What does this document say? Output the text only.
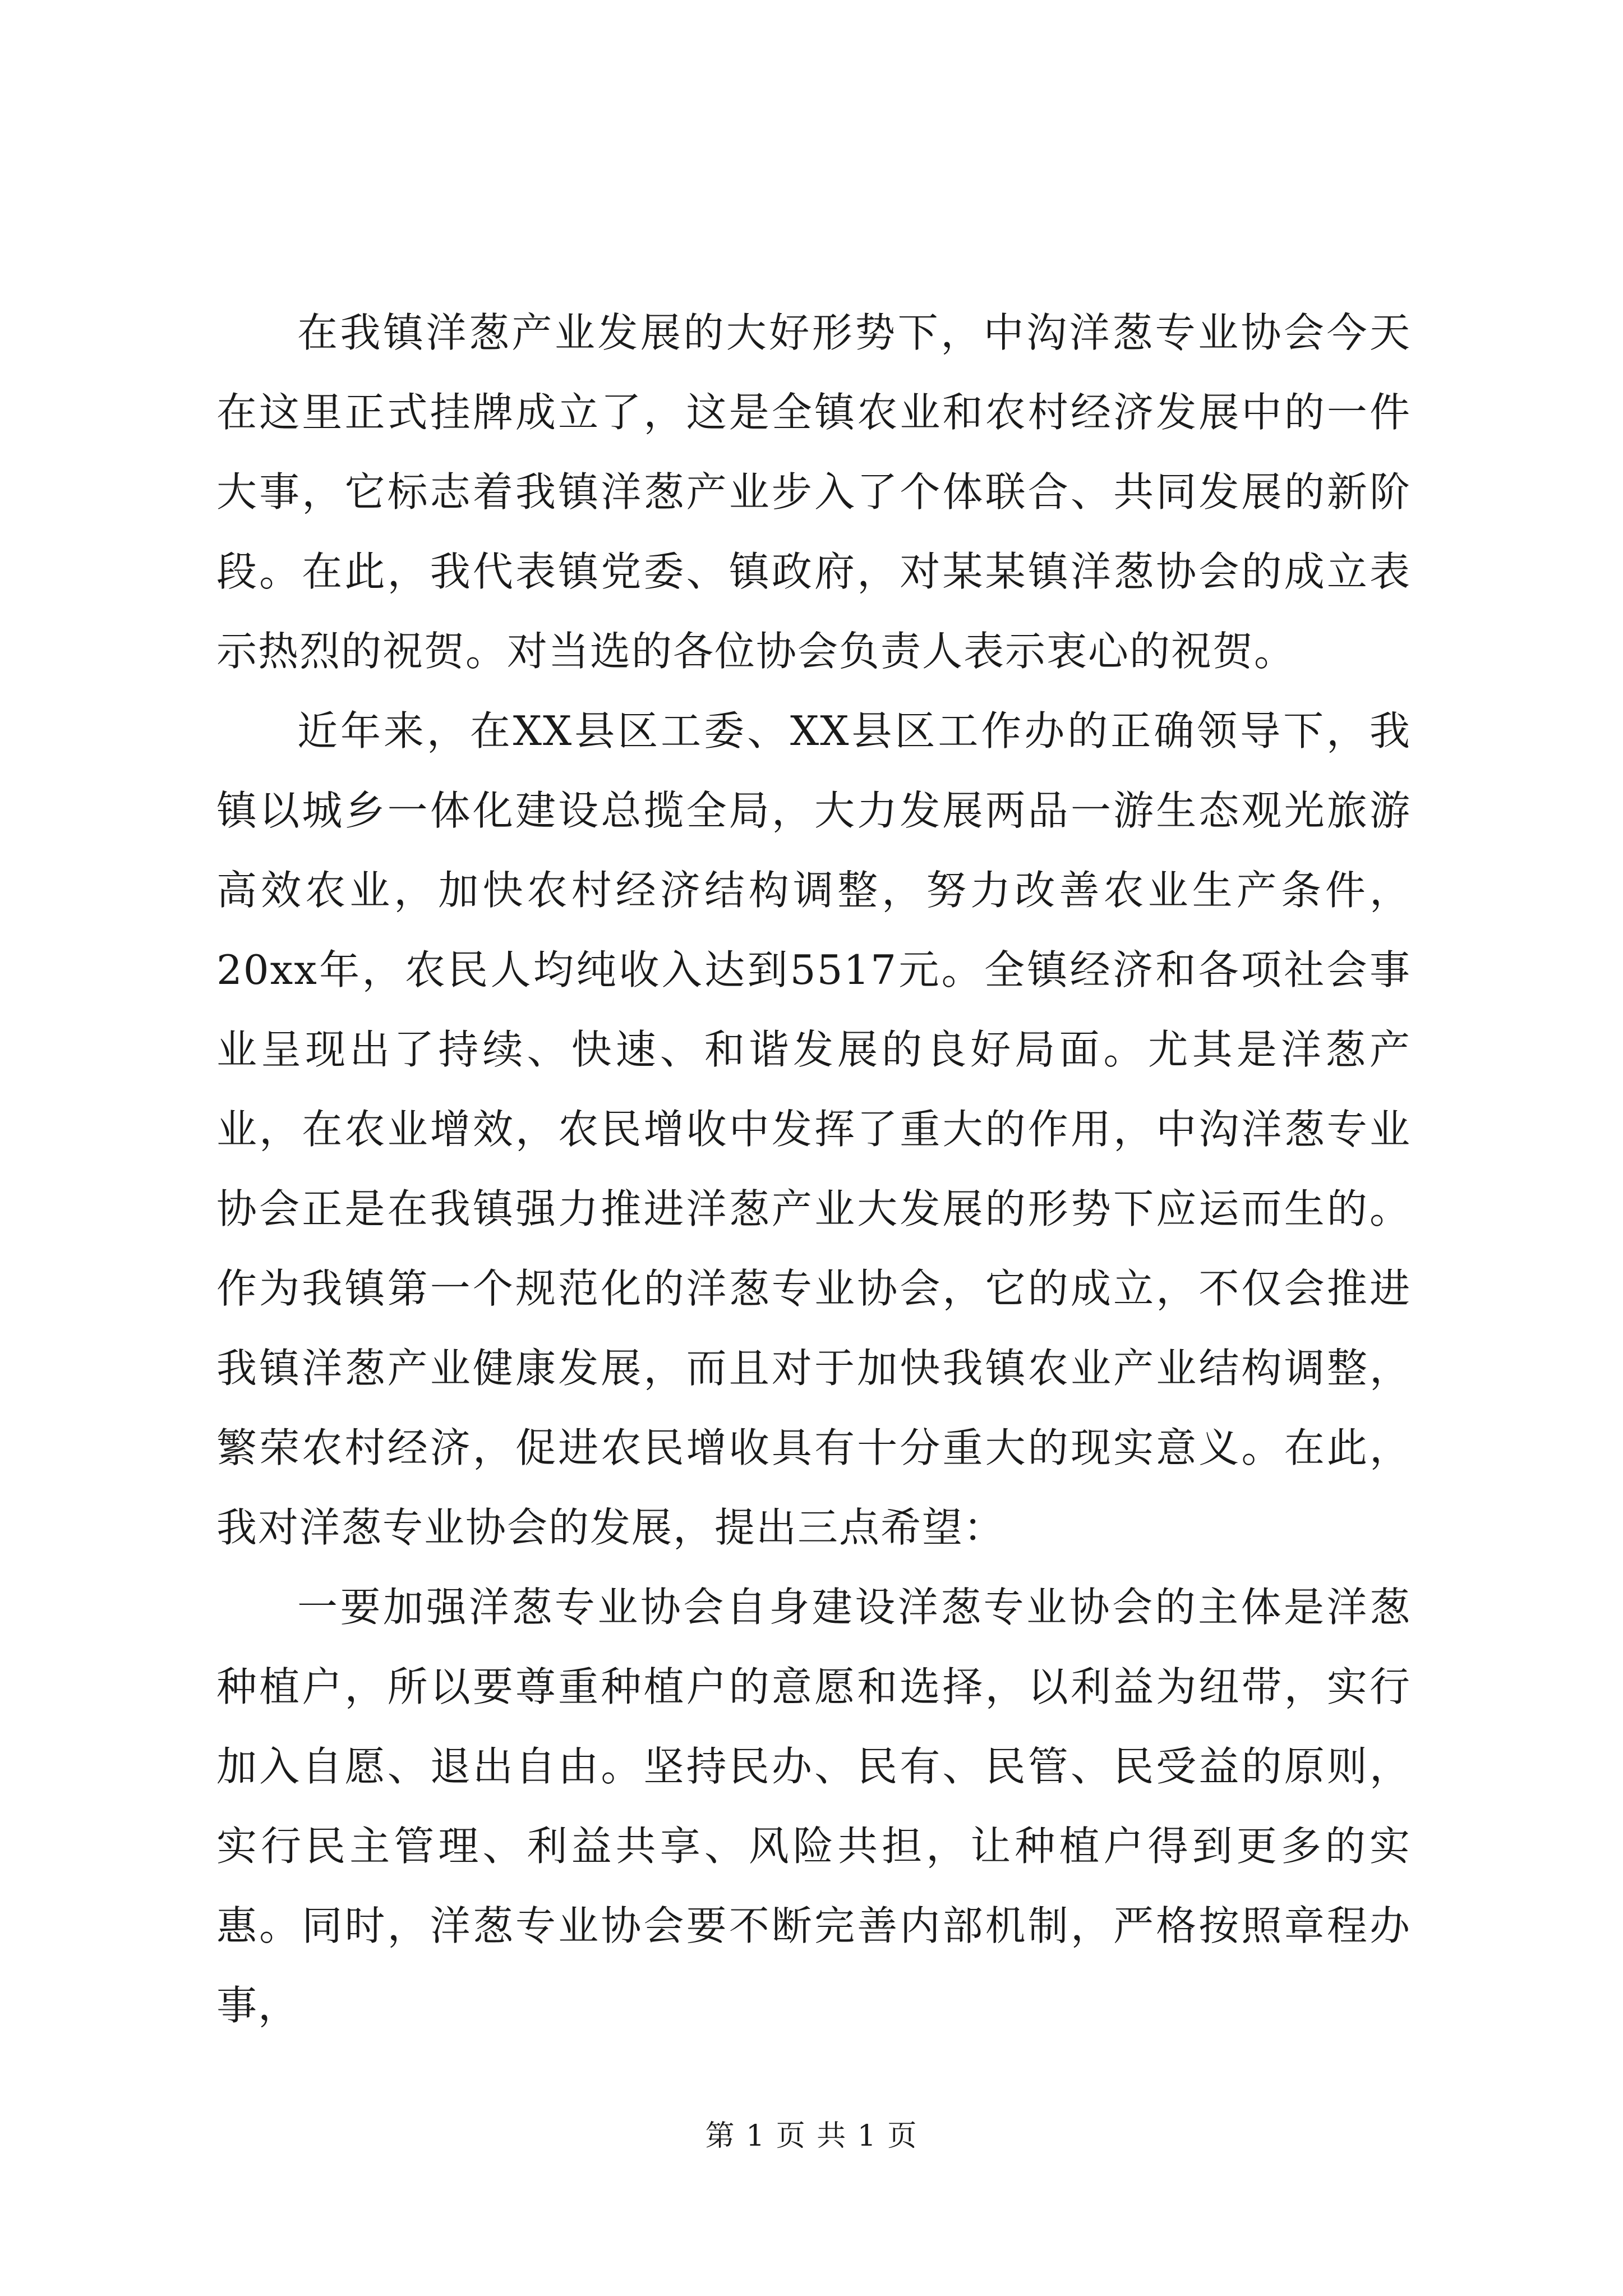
在我镇洋葱产业发展的大好形势下，中沟洋葱专业协会今天在这里正式挂牌成立了，这是全镇农业和农村经济发展中的一件大事，它标志着我镇洋葱产业步入了个体联合、共同发展的新阶段。在此，我代表镇党委、镇政府，对某某镇洋葱协会的成立表示热烈的祝贺。对当选的各位协会负责人表示衷心的祝贺。

近年来，在XX县区工委、XX县区工作办的正确领导下，我镇以城乡一体化建设总揽全局，大力发展两品一游生态观光旅游高效农业，加快农村经济结构调整，努力改善农业生产条件，20xx年，农民人均纯收入达到5517元。全镇经济和各项社会事业呈现出了持续、快速、和谐发展的良好局面。尤其是洋葱产业，在农业增效，农民增收中发挥了重大的作用，中沟洋葱专业协会正是在我镇强力推进洋葱产业大发展的形势下应运而生的。作为我镇第一个规范化的洋葱专业协会，它的成立，不仅会推进我镇洋葱产业健康发展，而且对于加快我镇农业产业结构调整，繁荣农村经济，促进农民增收具有十分重大的现实意义。在此，我对洋葱专业协会的发展，提出三点希望：

一要加强洋葱专业协会自身建设洋葱专业协会的主体是洋葱种植户，所以要尊重种植户的意愿和选择，以利益为纽带，实行加入自愿、退出自由。坚持民办、民有、民管、民受益的原则，实行民主管理、利益共享、风险共担，让种植户得到更多的实惠。同时，洋葱专业协会要不断完善内部机制，严格按照章程办事，

第 1 页 共 1 页
